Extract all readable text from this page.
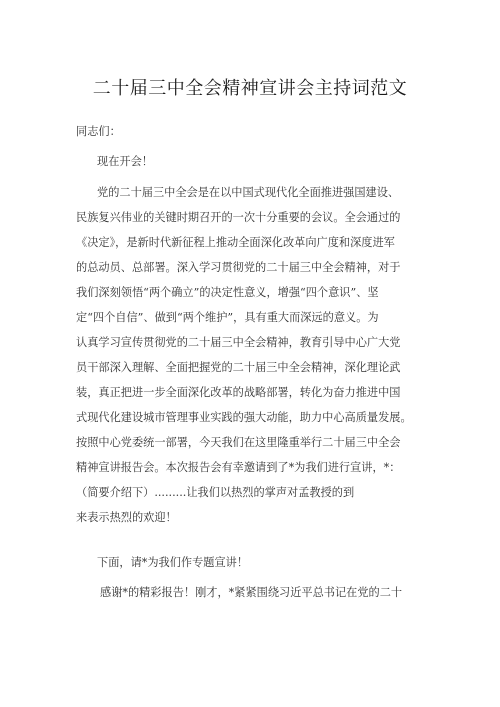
二十届三中全会精神宣讲会主持词范文
同志们：
现在开会！
党的二十届三中全会是在以中国式现代化全面推进强国建设、
民族复兴伟业的关键时期召开的一次十分重要的会议。全会通过的
《决定》，是新时代新征程上推动全面深化改革向广度和深度进军
的总动员、总部署。深入学习贯彻党的二十届三中全会精神，对于
我们深刻领悟“两个确立”的决定性意义，增强“四个意识”、坚
定“四个自信”、做到“两个维护”，具有重大而深远的意义。为
认真学习宣传贯彻党的二十届三中全会精神，教育引导中心广大党
员干部深入理解、全面把握党的二十届三中全会精神，深化理论武
装，真正把进一步全面深化改革的战略部署，转化为奋力推进中国
式现代化建设城市管理事业实践的强大动能，助力中心高质量发展。
按照中心党委统一部署，今天我们在这里隆重举行二十届三中全会
精神宣讲报告会。本次报告会有幸邀请到了*为我们进行宣讲，*：
（简要介绍下）.........让我们以热烈的掌声对孟教授的到
来表示热烈的欢迎！
下面，请*为我们作专题宣讲！
感谢*的精彩报告！刚才，*紧紧围绕习近平总书记在党的二十
